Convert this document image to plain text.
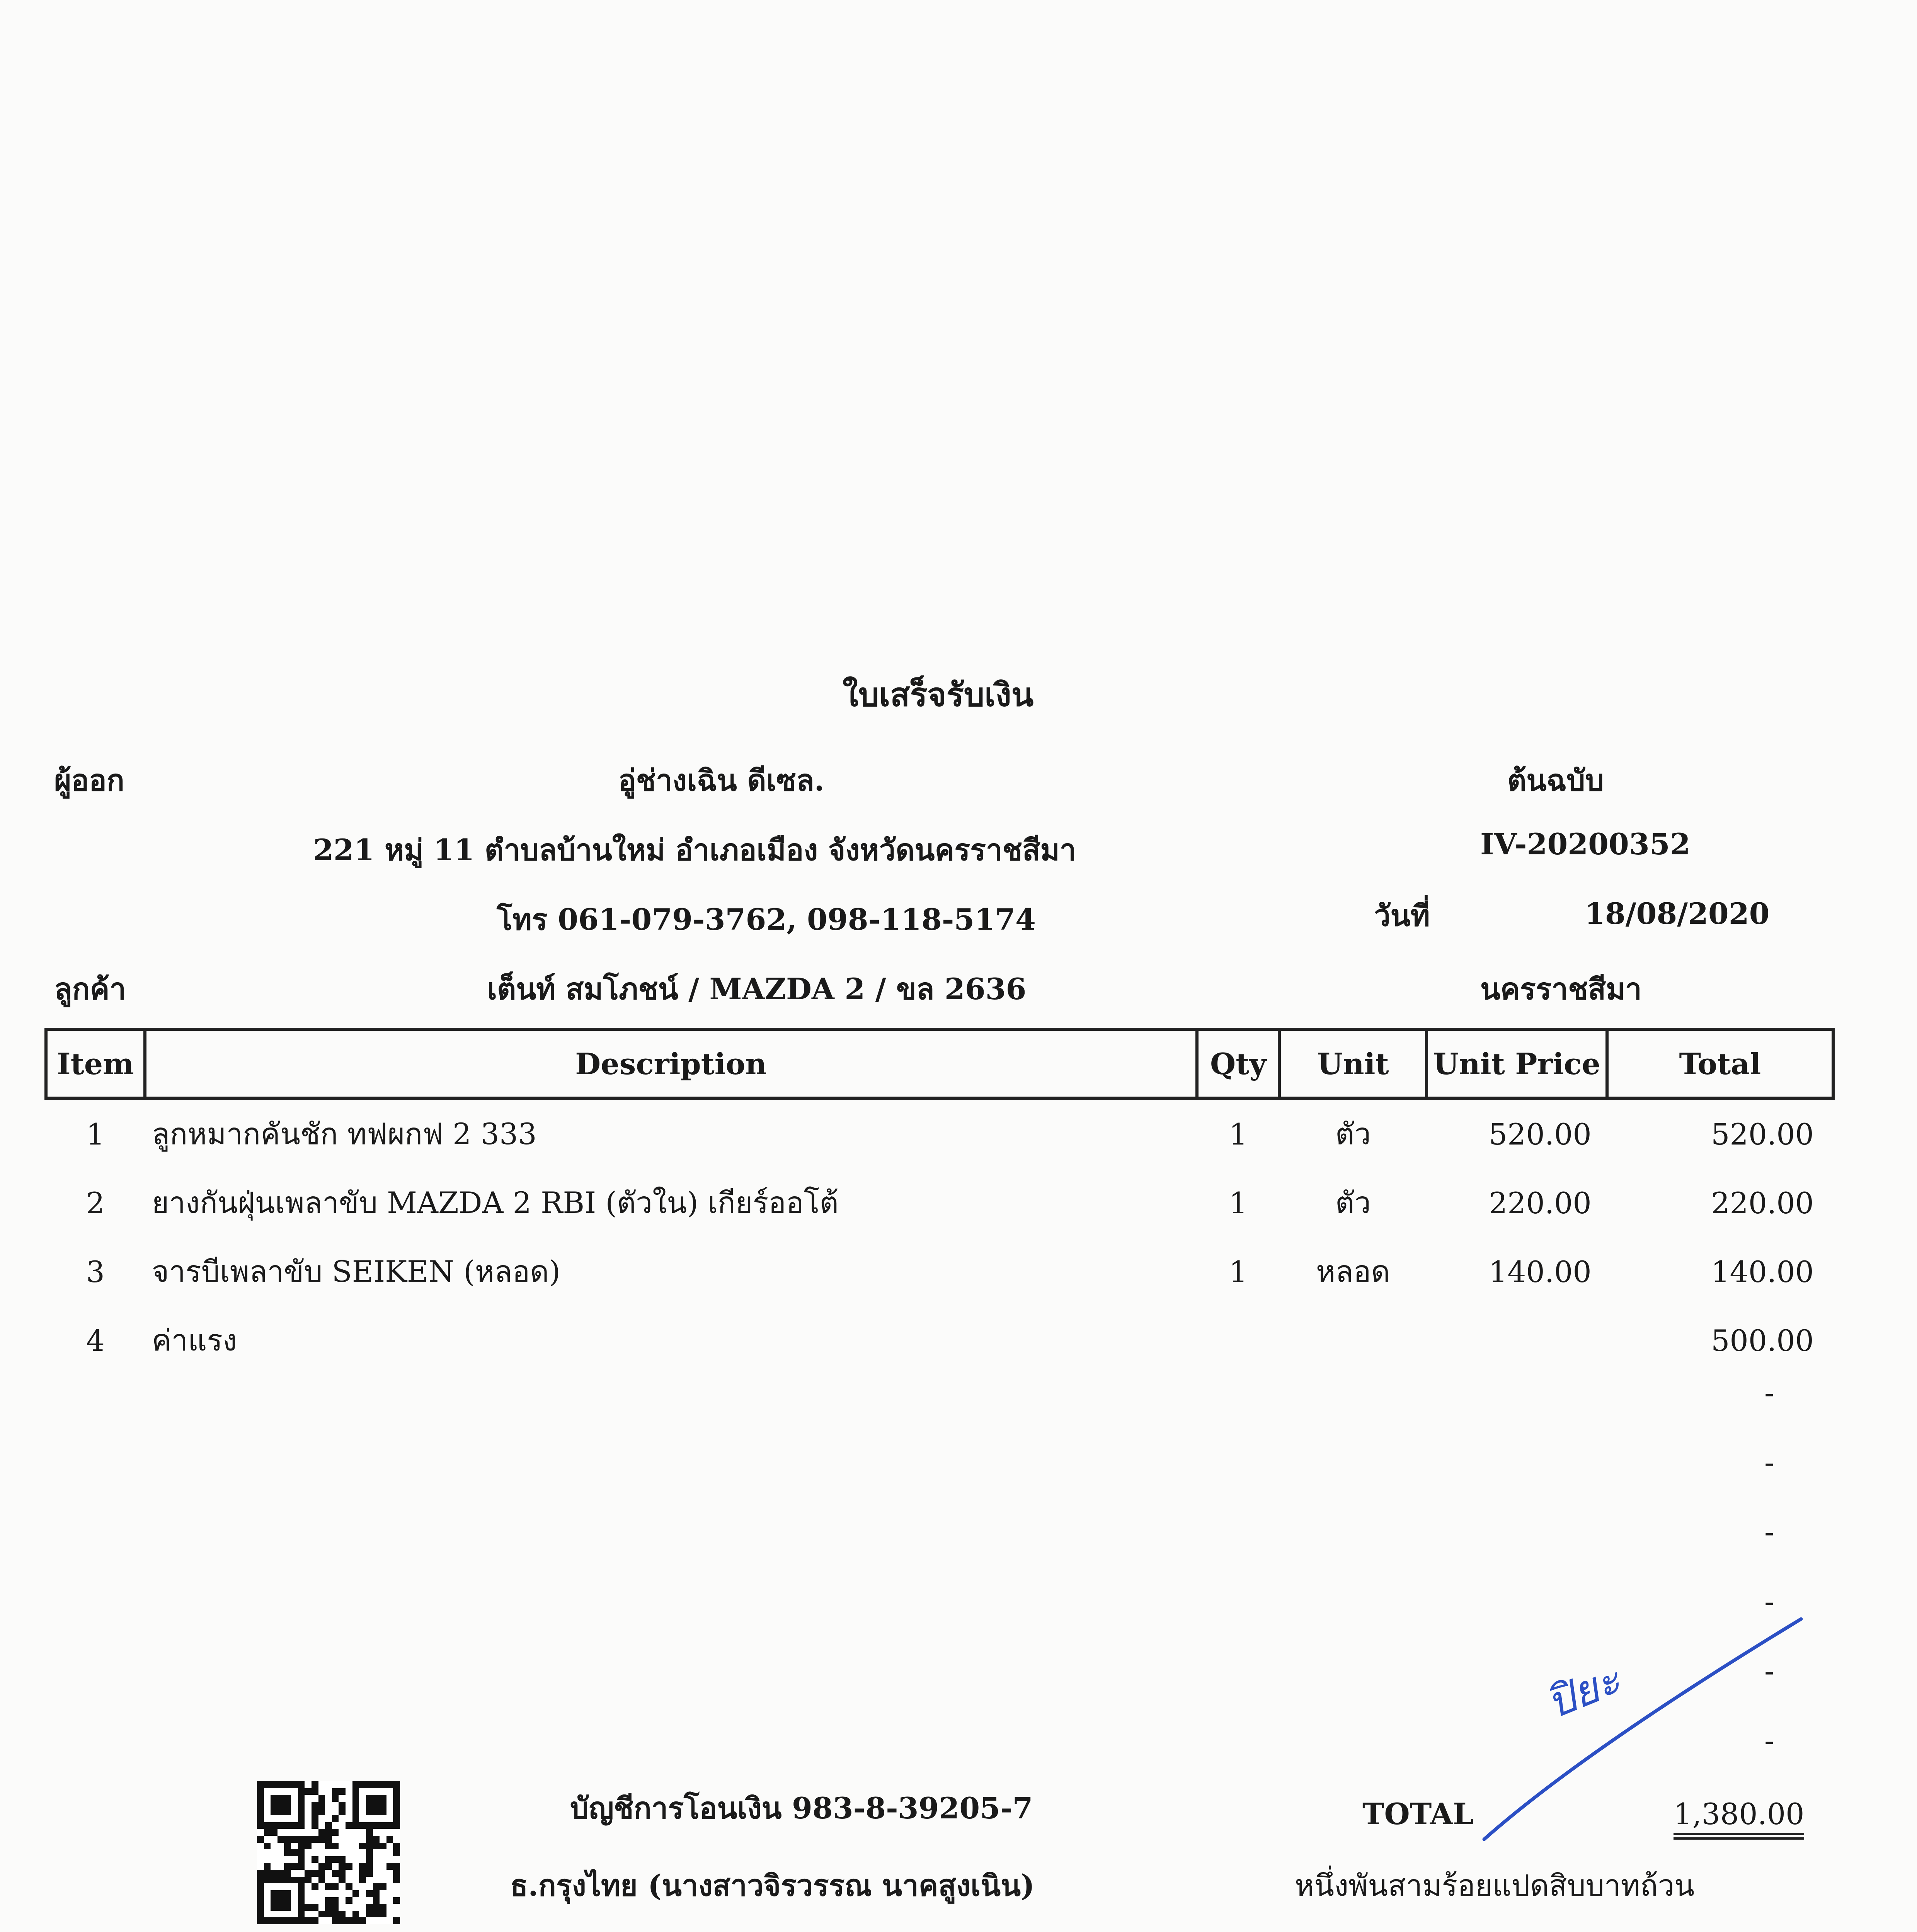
ใบเสร็จรับเงิน
ผู้ออก	อู่ช่างเฉิน ดีเซล.	ต้นฉบับ
221 หมู่ 11 ตำบลบ้านใหม่ อำเภอเมือง จังหวัดนครราชสีมา	IV-20200352
โทร 061-079-3762, 098-118-5174	วันที่	18/08/2020
ลูกค้า	เต็นท์ สมโภชน์ / MAZDA 2 / ขล 2636	นครราชสีมา
Item	Description	Qty	Unit	Unit Price	Total
1	ลูกหมากคันชัก ทฟผกฟ 2 333	1	ตัว	520.00	520.00
2	ยางกันฝุ่นเพลาขับ MAZDA 2 RBI (ตัวใน) เกียร์ออโต้	1	ตัว	220.00	220.00
3	จารบีเพลาขับ SEIKEN (หลอด)	1	หลอด	140.00	140.00
4	ค่าแรง				500.00
-
-
-
-
-
-
บัญชีการโอนเงิน 983-8-39205-7
ธ.กรุงไทย (นางสาวจิรวรรณ นาคสูงเนิน)
TOTAL	1,380.00
หนึ่งพันสามร้อยแปดสิบบาทถ้วน
ปิยะ
